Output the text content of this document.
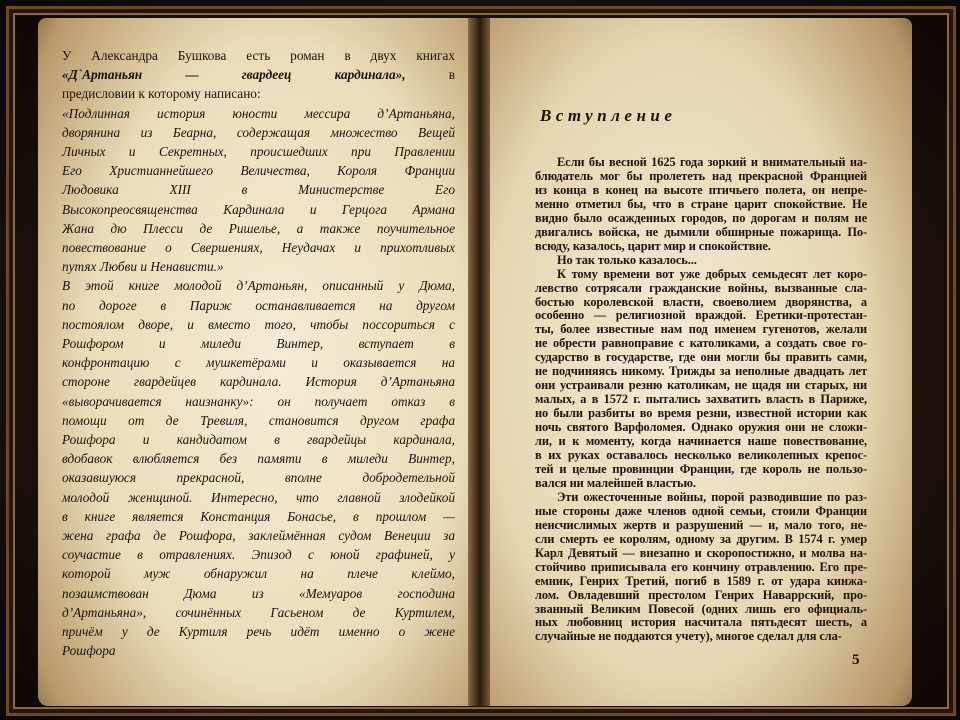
У Александра Бушкова есть роман в двух книгах
«Д`Артаньян — гвардеец кардинала»,	в
предисловии к которому написано:
«Подлинная история юности мессира д’Артаньяна,
дворянина из Беарна, содержащая множество Вещей
Личных и Секретных, происшедших при Правлении
Его Христианнейшего Величества, Короля Франции
Людовика XIII в Министерстве Его
Высокопреосвященства Кардинала и Герцога Армана
Жана дю Плесси де Ришелье, а также поучительное
повествование о Свершениях, Неудачах и прихотливых
путях Любви и Ненависти.»
В этой книге молодой д’Артаньян, описанный у Дюма,
по дороге в Париж останавливается на другом
постоялом дворе, и вместо того, чтобы поссориться с
Рошфором и миледи Винтер, вступает в
конфронтацию с мушкетёрами и оказывается на
стороне гвардейцев кардинала. История д’Артаньяна
«выворачивается наизнанку»: он получает отказ в
помощи от де Тревиля, становится другом графа
Рошфора и кандидатом в гвардейцы кардинала,
вдобавок влюбляется без памяти в миледи Винтер,
оказавшуюся прекрасной, вполне добродетельной
молодой женщиной. Интересно, что главной злодейкой
в книге является Констанция Бонасье, в прошлом —
жена графа де Рошфора, заклеймённая судом Венеции за
соучастие в отравлениях. Эпизод с юной графиней, у
которой муж обнаружил на плече клеймо,
позаимствован Дюма из «Мемуаров господина
д’Артаньяна», сочинённых Гасьеном де Куртилем,
причём у де Куртиля речь идёт именно о жене
Рошфора
Вступление
Если бы весной 1625 года зоркий и внимательный на-
блюдатель мог бы пролететь над прекрасной Францией
из конца в конец на высоте птичьего полета, он непре-
менно отметил бы, что в стране царит спокойствие. Не
видно было осажденных городов, по дорогам и полям не
двигались войска, не дымили обширные пожарища. По-
всюду, казалось, царит мир и спокойствие.
Но так только казалось...
К тому времени вот уже добрых семьдесят лет коро-
левство сотрясали гражданские войны, вызванные сла-
бостью королевской власти, своеволием дворянства, а
особенно — религиозной враждой. Еретики-протестан-
ты, более известные нам под именем гугенотов, желали
не обрести равноправие с католиками, а создать свое го-
сударство в государстве, где они могли бы править сами,
не подчиняясь никому. Трижды за неполные двадцать лет
они устраивали резню католикам, не щадя ни старых, ни
малых, а в 1572 г. пытались захватить власть в Париже,
но были разбиты во время резни, известной истории как
ночь святого Варфоломея. Однако оружия они не сложи-
ли, и к моменту, когда начинается наше повествование,
в их руках оставалось несколько великолепных крепос-
тей и целые провинции Франции, где король не пользо-
вался ни малейшей властью.
Эти ожесточенные войны, порой разводившие по раз-
ные стороны даже членов одной семьи, стоили Франции
неисчислимых жертв и разрушений — и, мало того, не-
сли смерть ее королям, одному за другим. В 1574 г. умер
Карл Девятый — внезапно и скоропостижно, и молва на-
стойчиво приписывала его кончину отравлению. Его пре-
емник, Генрих Третий, погиб в 1589 г. от удара кинжа-
лом. Овладевший престолом Генрих Наваррский, про-
званный Великим Повесой (одних лишь его официаль-
ных любовниц история насчитала пятьдесят шесть, а
случайные не поддаются учету), многое сделал для сла-
5
